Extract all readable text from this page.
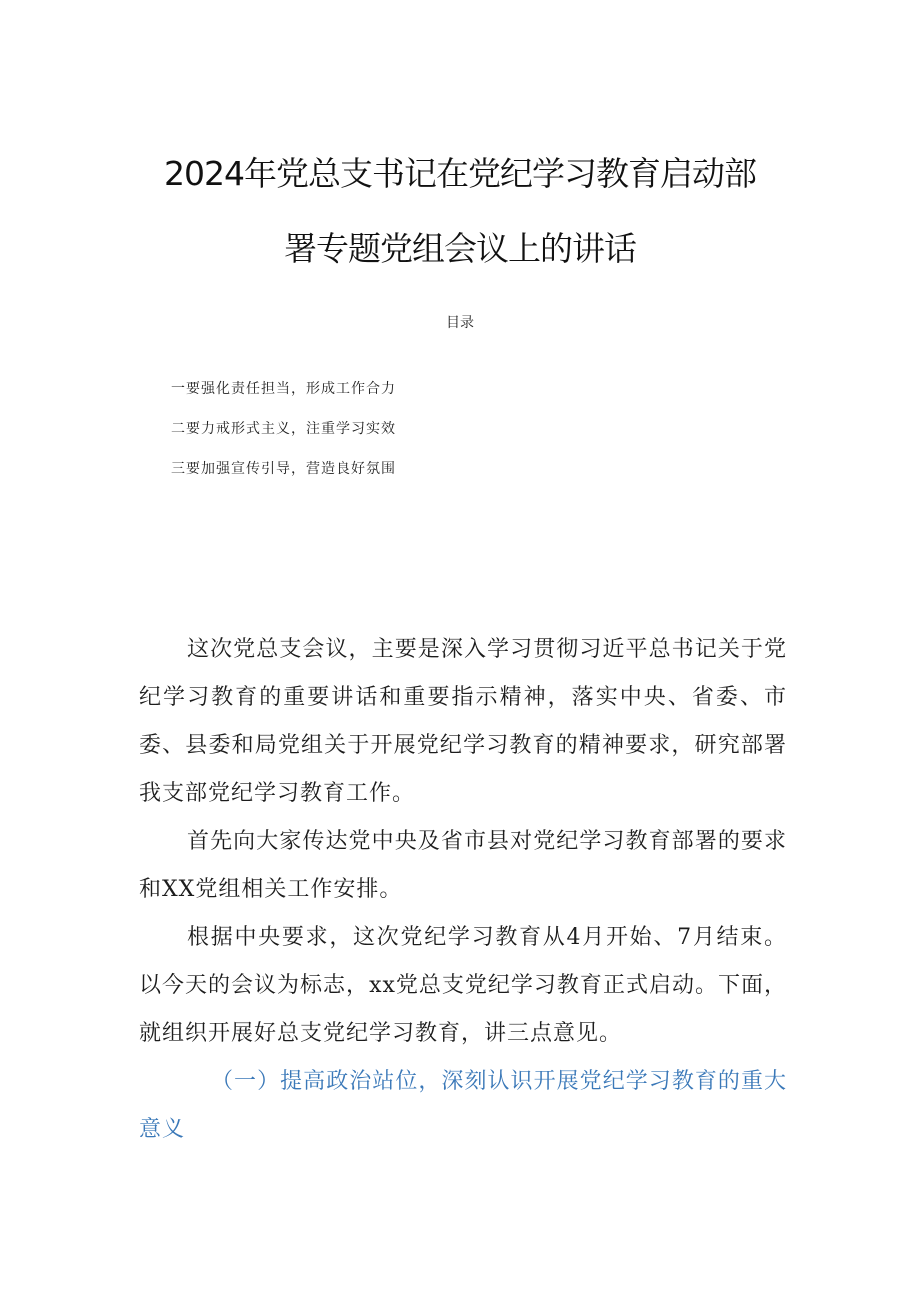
2024年党总支书记在党纪学习教育启动部
署专题党组会议上的讲话
目录
一要强化责任担当，形成工作合力
二要力戒形式主义，注重学习实效
三要加强宣传引导，营造良好氛围

这次党总支会议，主要是深入学习贯彻习近平总书记关于党纪学习教育的重要讲话和重要指示精神，落实中央、省委、市委、县委和局党组关于开展党纪学习教育的精神要求，研究部署我支部党纪学习教育工作。

首先向大家传达党中央及省市县对党纪学习教育部署的要求和XX党组相关工作安排。

根据中央要求，这次党纪学习教育从4月开始、7月结束。以今天的会议为标志，xx党总支党纪学习教育正式启动。下面，就组织开展好总支党纪学习教育，讲三点意见。

（一）提高政治站位，深刻认识开展党纪学习教育的重大意义
